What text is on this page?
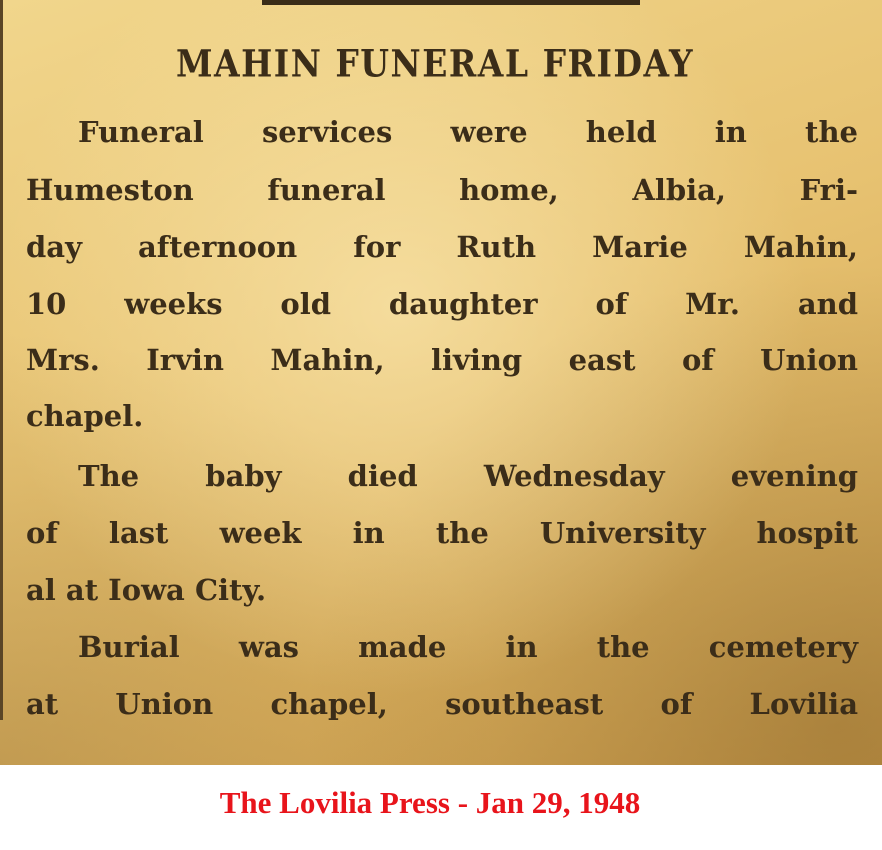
MAHIN FUNERAL FRIDAY
Funeral services were held in the
Humeston funeral home, Albia, Fri-
day afternoon for Ruth Marie Mahin,
10 weeks old daughter of Mr. and
Mrs. Irvin Mahin, living east of Union
chapel.
The baby died Wednesday evening
of last week in the University hospit
al at Iowa City.
Burial was made in the cemetery
at Union chapel, southeast of Lovilia
The Lovilia Press - Jan 29, 1948
